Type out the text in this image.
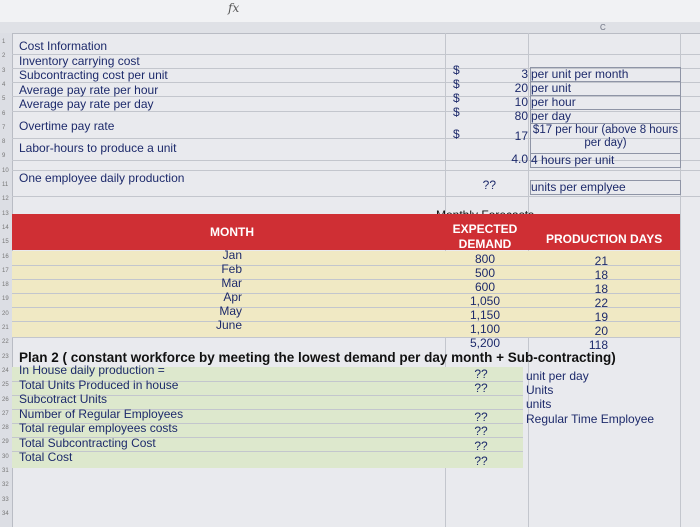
fx
C
1
2
3
4
5
6
7
8
9
10
11
12
13
14
15
16
17
18
19
20
21
22
23
24
25
26
27
28
29
30
31
32
33
34
Cost Information
Inventory carrying cost
Subcontracting cost per unit
Average pay rate per hour
Average pay rate per day
Overtime pay rate
Labor-hours to produce a unit
One employee daily production
$
$
$
$
$
3
20
10
80
17
4.0
??
per unit per month
per unit
per hour
per day
$17 per hour (above 8 hours per day)
4 hours per unit
units per emplyee
MONTH	EXPECTED
DEMAND	PRODUCTION DAYS
Jan
Feb
Mar
Apr
May
June
800
500
600
1,050
1,150
1,100
5,200
21
18
18
22
19
20
118
Plan 2 ( constant workforce by meeting the lowest demand per day month + Sub-contracting)
In House daily production =
Total Units Produced in house
Subcotract Units
Number of Regular Employees
Total regular employees costs
Total Subcontracting Cost
Total Cost
??
??
??
??
??
??
unit per day
Units
units
Regular Time Employee
